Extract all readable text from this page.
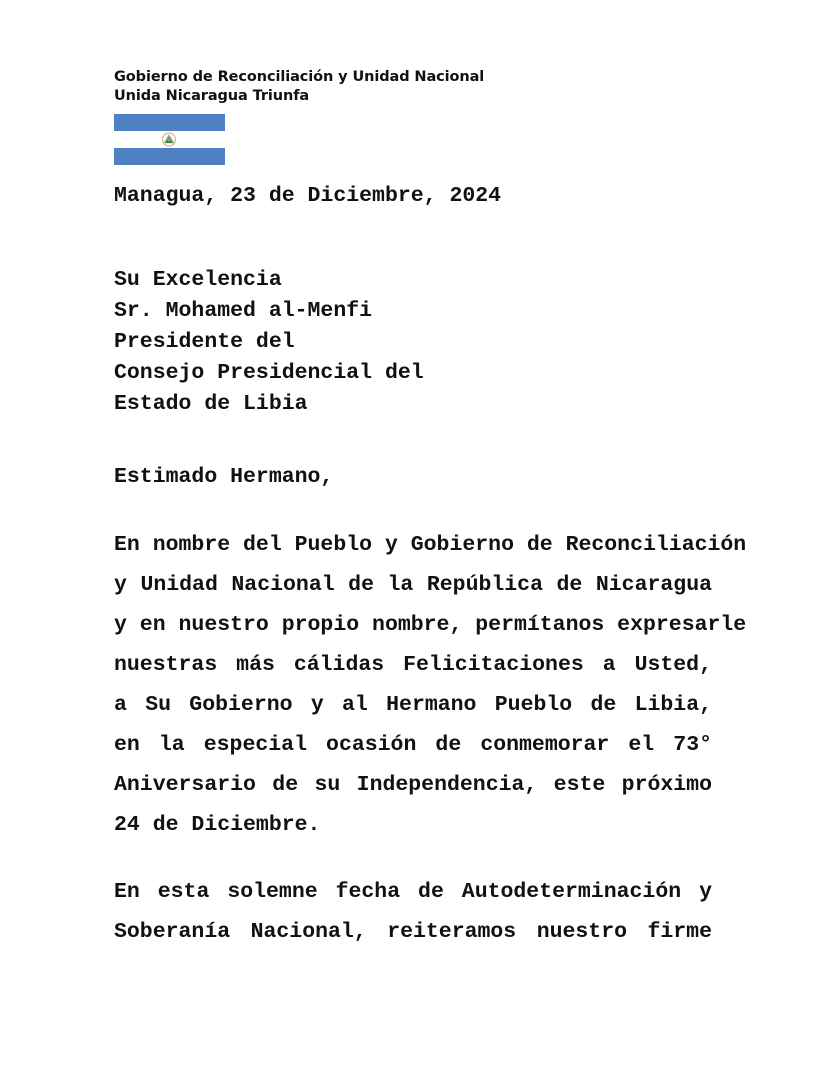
Gobierno de Reconciliación y Unidad Nacional
Unida Nicaragua Triunfa
Managua, 23 de Diciembre, 2024
Su Excelencia
Sr. Mohamed al-Menfi
Presidente del
Consejo Presidencial del
Estado de Libia
Estimado Hermano,
En nombre del Pueblo y Gobierno de Reconciliación
y Unidad Nacional de la República de Nicaragua
y en nuestro propio nombre, permítanos expresarle
nuestras más cálidas Felicitaciones a Usted,
a Su Gobierno y al Hermano Pueblo de Libia,
en la especial ocasión de conmemorar el 73°
Aniversario de su Independencia, este próximo
24 de Diciembre.
En esta solemne fecha de Autodeterminación y
Soberanía Nacional, reiteramos nuestro firme
